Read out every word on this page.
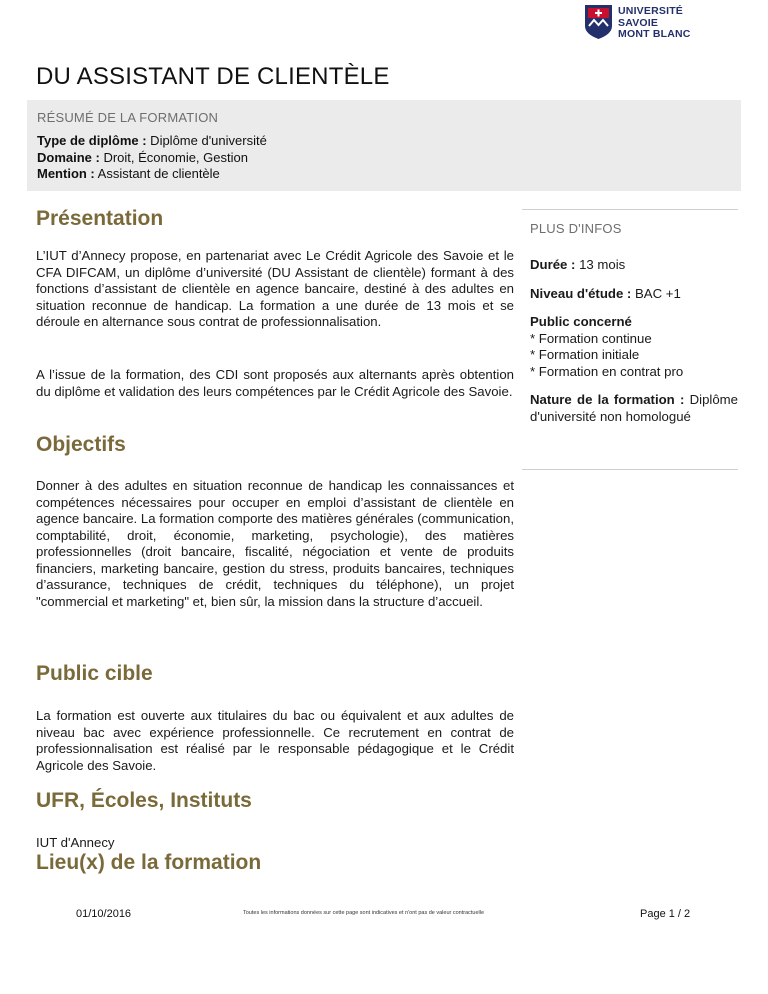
UNIVERSITÉ
SAVOIE
MONT BLANC
DU ASSISTANT DE CLIENTÈLE
RÉSUMÉ DE LA FORMATION
Type de diplôme : Diplôme d'université
Domaine : Droit, Économie, Gestion
Mention : Assistant de clientèle
Présentation

L’IUT d’Annecy propose, en partenariat avec Le Crédit Agricole des Savoie et le CFA DIFCAM, un diplôme d’université (DU Assistant de clientèle) formant à des fonctions d’assistant de clientèle en agence bancaire, destiné à des adultes en situation reconnue de handicap. La formation a une durée de 13 mois et se déroule en alternance sous contrat de professionnalisation.

A l’issue de la formation, des CDI sont proposés aux alternants après obtention du diplôme et validation des leurs compétences par le Crédit Agricole des Savoie.

Objectifs

Donner à des adultes en situation reconnue de handicap les connaissances et compétences nécessaires pour occuper en emploi d’assistant de clientèle en agence bancaire. La formation comporte des matières générales (communication, comptabilité, droit, économie, marketing, psychologie), des matières professionnelles (droit bancaire, fiscalité, négociation et vente de produits financiers, marketing bancaire, gestion du stress, produits bancaires, techniques d’assurance, techniques de crédit, techniques du téléphone), un projet "commercial et marketing" et, bien sûr, la mission dans la structure d’accueil.

Public cible

La formation est ouverte aux titulaires du bac ou équivalent et aux adultes de niveau bac avec expérience professionnelle. Ce recrutement en contrat de professionnalisation est réalisé par le responsable pédagogique et le Crédit Agricole des Savoie.

UFR, Écoles, Instituts

IUT d'Annecy

Lieu(x) de la formation
PLUS D'INFOS
Durée : 13 mois
Niveau d'étude : BAC +1
Public concerné
* Formation continue
* Formation initiale
* Formation en contrat pro
Nature de la formation : Diplôme d'université non homologué
01/10/2016	Toutes les informations données sur cette page sont indicatives et n'ont pas de valeur contractuelle	Page 1 / 2
